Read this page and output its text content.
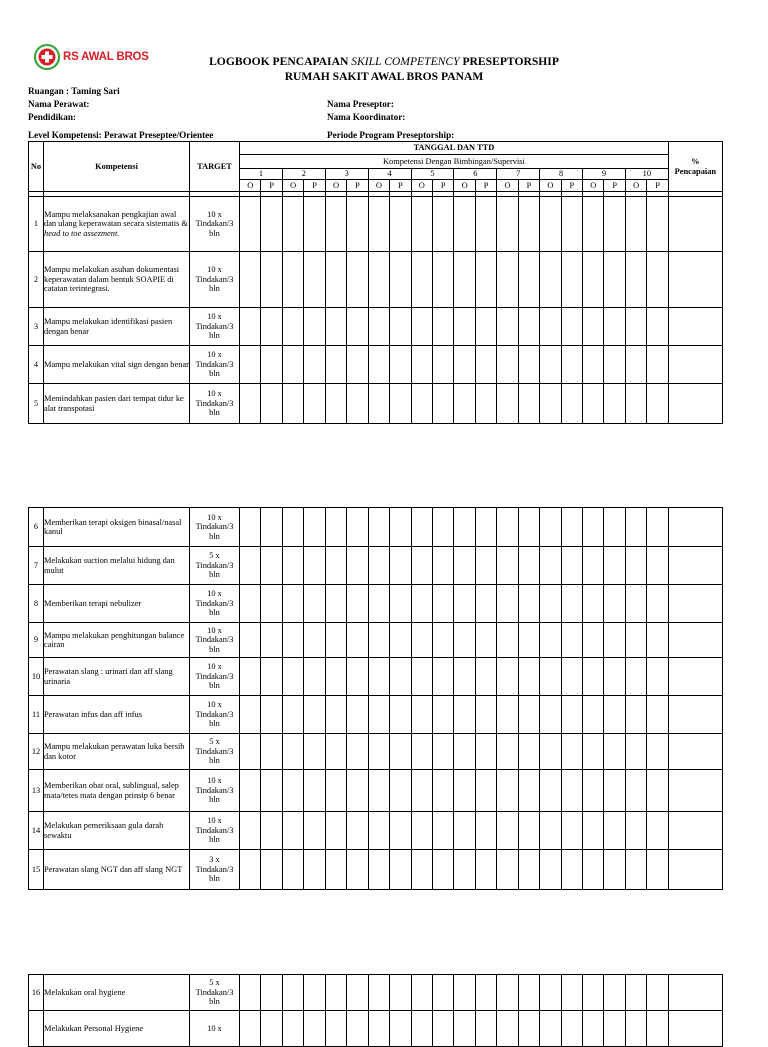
RS AWAL BROS	LOGBOOK PENCAPAIAN SKILL COMPETENCY PRESEPTORSHIP
RUMAH SAKIT AWAL BROS PANAM
Ruangan : Taming Sari
Nama Perawat:
Pendidikan:
Level Kompetensi: Perawat Preseptee/Orientee
Nama Preseptor:
Nama Koordinator:
Periode Program Preseptorship:
No	Kompetensi	TARGET	TANGGAL DAN TTD																				%
Pencapaian

			Kompetensi Dengan Bimbingan/Supervisi																				
			1		2		3		4		5		6		7		8		9		10		
			O	P	O	P	O	P	O	P	O	P	O	P	O	P	O	P	O	P	O	P	

1	Mampu melaksanakan pengkajian awal dan ulang keperawatan secara sistematis & head to toe assezment.	10 x
Tindakan/3
bln																					

2	Mampu melakukan asuhan dokumentasi keperawatan dalam bentuk SOAPIE di catatan terintegrasi.	10 x
Tindakan/3
bln																					

3	Mampu melakukan identifikasi pasien dengan benar	10 x
Tindakan/3
bln																					

4	Mampu melakukan vital sign dengan benar	10 x
Tindakan/3
bln																					

5	Memindahkan pasien dari tempat tidur ke alat transpotasi	10 x
Tindakan/3
bln																					

6	Memberikan terapi oksigen binasal/nasal kanul	10 x
Tindakan/3
bln																					

7	Melakukan suction melalui hidung dan mulut	5 x
Tindakan/3
bln																					

8	Memberikan terapi nebulizer	10 x
Tindakan/3
bln																					

9	Mampu melakukan penghitungan balance cairan	10 x
Tindakan/3
bln																					

10	Perawatan slang : urinari dan aff slang urinaria	10 x
Tindakan/3
bln																					

11	Perawatan infus dan aff infus	10 x
Tindakan/3
bln																					

12	Mampu melakukan perawatan luka bersih dan kotor	5 x
Tindakan/3
bln																					

13	Memberikan obat oral, sublingual, salep mata/tetes mata dengan prinsip 6 benar	10 x
Tindakan/3
bln																					

14	Melakukan pemeriksaan gula darah sewaktu	10 x
Tindakan/3
bln																					

15	Perawatan slang NGT dan aff slang NGT	3 x
Tindakan/3
bln																					

16	Melakukan oral hygiene	5 x
Tindakan/3
bln																					

	Melakukan Personal Hygiene	10 x																					
